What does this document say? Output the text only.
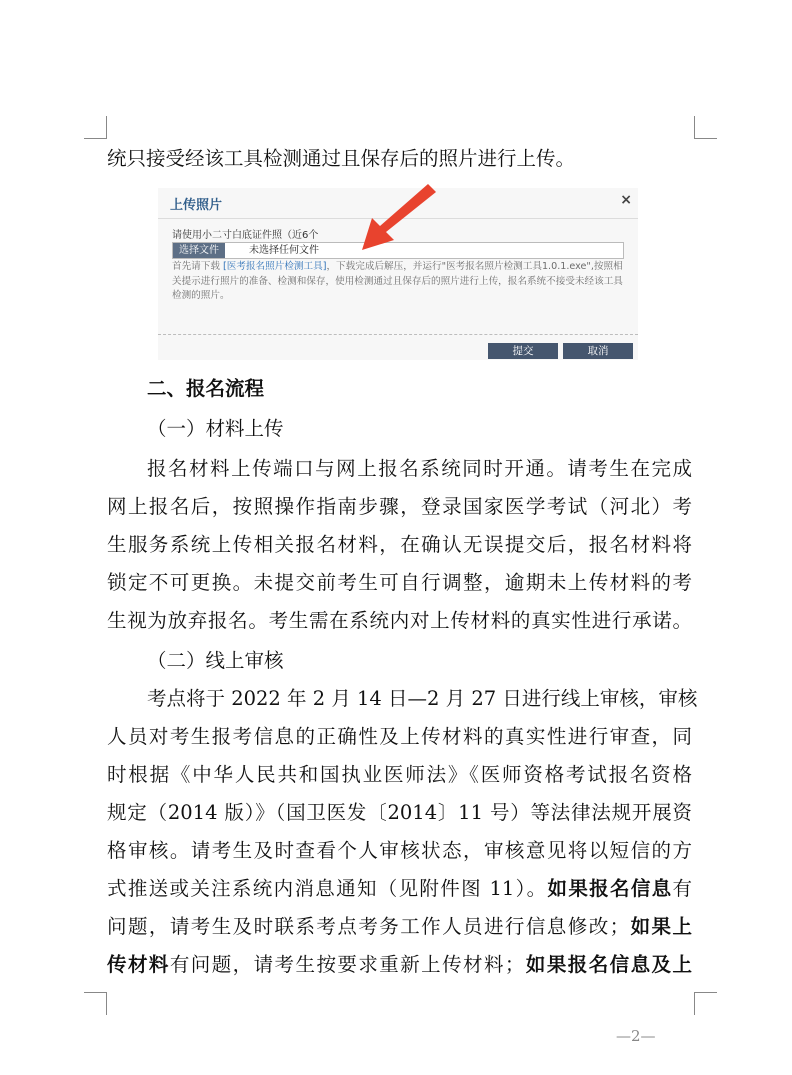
统只接受经该工具检测通过且保存后的照片进行上传。
上传照片	×
请使用小二寸白底证件照（近6个
选择文件	未选择任何文件
首先请下载 [医考报名照片检测工具]，下载完成后解压，并运行"医考报名照片检测工具1.0.1.exe",按照相关提示进行照片的准备、检测和保存，使用检测通过且保存后的照片进行上传，报名系统不接受未经该工具检测的照片。
提交	取消
二、报名流程
（一）材料上传
报名材料上传端口与网上报名系统同时开通。请考生在完成
网上报名后，按照操作指南步骤，登录国家医学考试（河北）考
生服务系统上传相关报名材料，在确认无误提交后，报名材料将
锁定不可更换。未提交前考生可自行调整，逾期未上传材料的考
生视为放弃报名。考生需在系统内对上传材料的真实性进行承诺。
（二）线上审核
考点将于 2022 年 2 月 14 日—2 月 27 日进行线上审核，审核
人员对考生报考信息的正确性及上传材料的真实性进行审查，同
时根据《中华人民共和国执业医师法》《医师资格考试报名资格
规定（2014 版）》（国卫医发〔2014〕11 号）等法律法规开展资
格审核。请考生及时查看个人审核状态，审核意见将以短信的方
式推送或关注系统内消息通知（见附件图 11）。如果报名信息有
问题，请考生及时联系考点考务工作人员进行信息修改；如果上
传材料有问题，请考生按要求重新上传材料；如果报名信息及上
—2—
